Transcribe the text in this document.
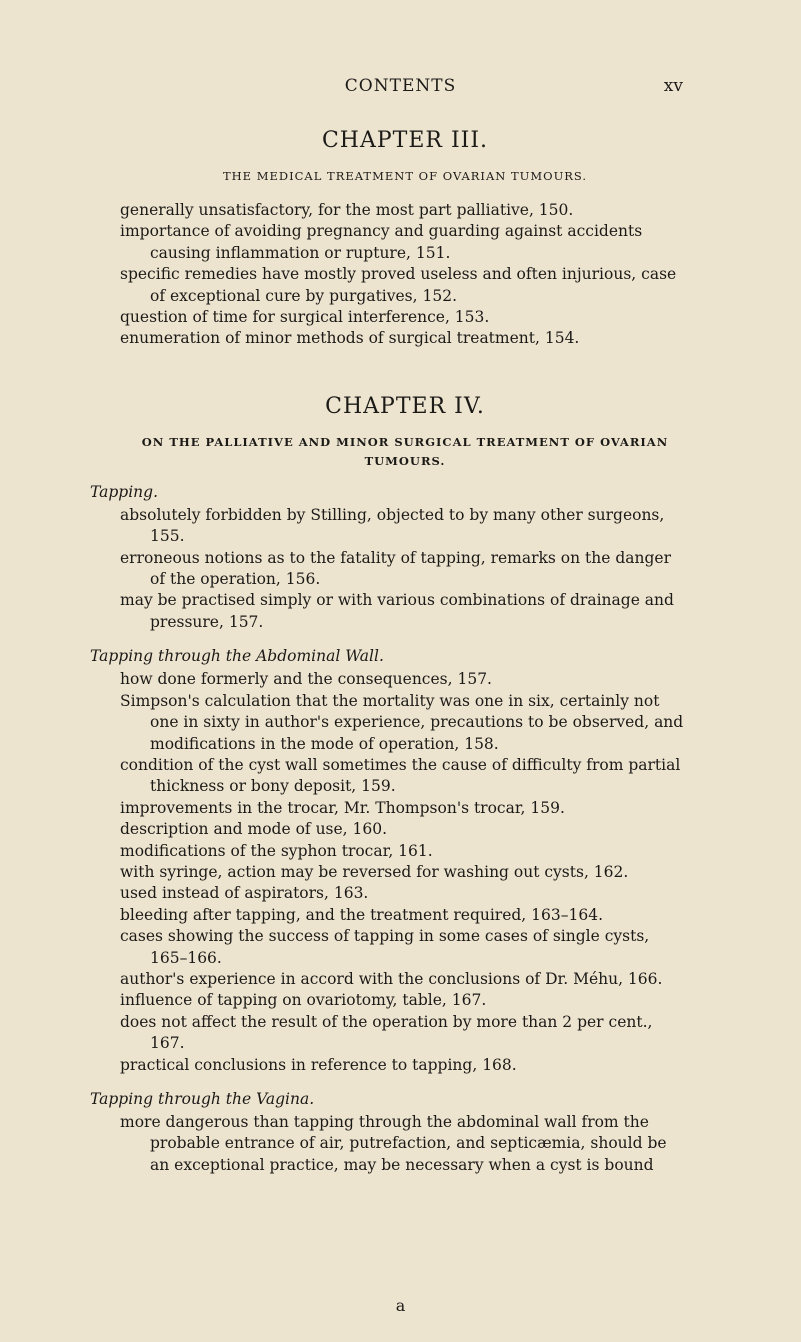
CONTENTS	xv
CHAPTER III.
THE MEDICAL TREATMENT OF OVARIAN TUMOURS.
generally unsatisfactory, for the most part palliative, 150.
importance of avoiding pregnancy and guarding against accidents causing inflammation or rupture, 151.
specific remedies have mostly proved useless and often injurious, case of exceptional cure by purgatives, 152.
question of time for surgical interference, 153.
enumeration of minor methods of surgical treatment, 154.
CHAPTER IV.
ON THE PALLIATIVE AND MINOR SURGICAL TREATMENT OF OVARIAN TUMOURS.
Tapping.
absolutely forbidden by Stilling, objected to by many other surgeons, 155.
erroneous notions as to the fatality of tapping, remarks on the danger of the operation, 156.
may be practised simply or with various combinations of drainage and pressure, 157.
Tapping through the Abdominal Wall.
how done formerly and the consequences, 157.
Simpson's calculation that the mortality was one in six, certainly not one in sixty in author's experience, precautions to be observed, and modifications in the mode of operation, 158.
condition of the cyst wall sometimes the cause of difficulty from partial thickness or bony deposit, 159.
improvements in the trocar, Mr. Thompson's trocar, 159.
description and mode of use, 160.
modifications of the syphon trocar, 161.
with syringe, action may be reversed for washing out cysts, 162.
used instead of aspirators, 163.
bleeding after tapping, and the treatment required, 163–164.
cases showing the success of tapping in some cases of single cysts, 165–166.
author's experience in accord with the conclusions of Dr. Méhu, 166.
influence of tapping on ovariotomy, table, 167.
does not affect the result of the operation by more than 2 per cent., 167.
practical conclusions in reference to tapping, 168.
Tapping through the Vagina.
more dangerous than tapping through the abdominal wall from the probable entrance of air, putrefaction, and septicæmia, should be an exceptional practice, may be necessary when a cyst is bound
a
